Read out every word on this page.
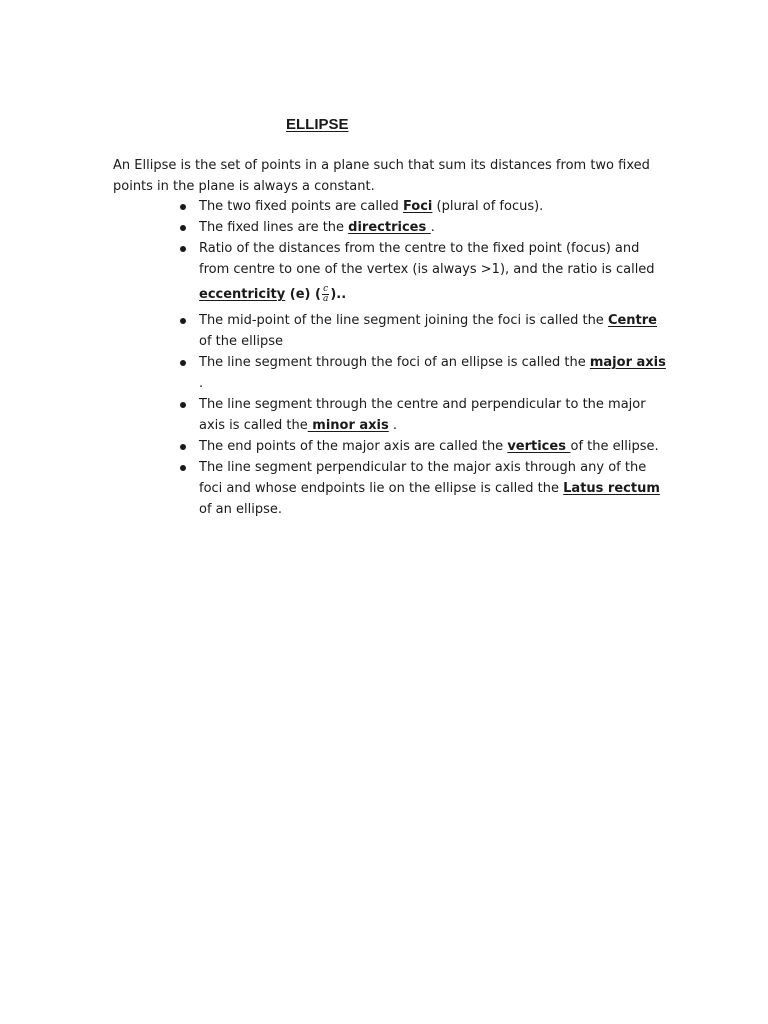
ELLIPSE

An Ellipse is the set of points in a plane such that sum its distances from two fixed points in the plane is always a constant.

The two fixed points are called Foci (plural of focus).
The fixed lines are the directrices .
Ratio of the distances from the centre to the fixed point (focus) and from centre to one of the vertex (is always >1), and the ratio is called
eccentricity (e) ( $\frac{c}{a}$ )..
The mid-point of the line segment joining the foci is called the Centre of the ellipse
The line segment through the foci of an ellipse is called the major axis .
The line segment through the centre and perpendicular to the major axis is called the minor axis .
The end points of the major axis are called the vertices of the ellipse.
The line segment perpendicular to the major axis through any of the foci and whose endpoints lie on the ellipse is called the Latus rectum of an ellipse.
